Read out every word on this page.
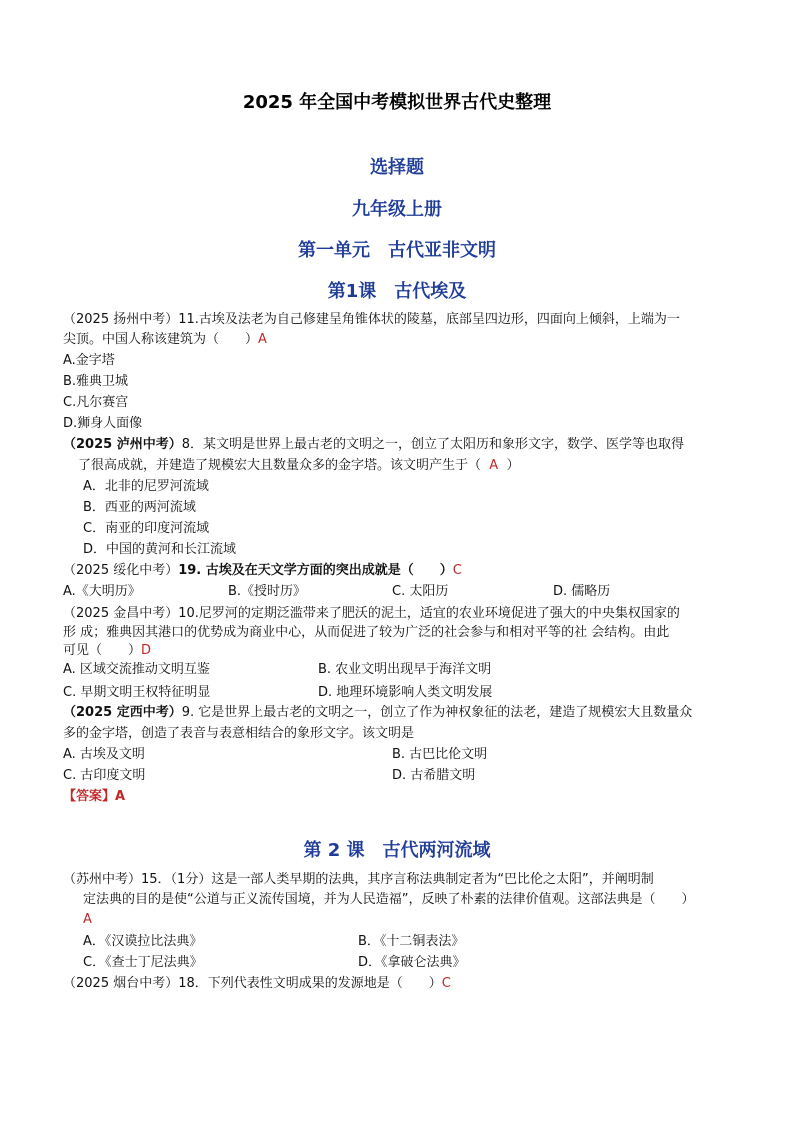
2025 年全国中考模拟世界古代史整理
选择题
九年级上册
第一单元　古代亚非文明
第1课　古代埃及
（2025 扬州中考）11.古埃及法老为自己修建呈角锥体状的陵墓，底部呈四边形，四面向上倾斜，上端为一
尖顶。中国人称该建筑为（　　）A
A.金字塔
B.雅典卫城
C.凡尔赛宫
D.狮身人面像
（2025 泸州中考）8．某文明是世界上最古老的文明之一，创立了太阳历和象形文字，数学、医学等也取得
了很高成就，并建造了规模宏大且数量众多的金字塔。该文明产生于（ A ）
A．北非的尼罗河流域
B．西亚的两河流域
C．南亚的印度河流域
D．中国的黄河和长江流域
（2025 绥化中考）19. 古埃及在天文学方面的突出成就是（　　）C
A.《大明历》	B.《授时历》	C. 太阳历	D. 儒略历
（2025 金昌中考）10.尼罗河的定期泛滥带来了肥沃的泥土，适宜的农业环境促进了强大的中央集权国家的
形 成；雅典因其港口的优势成为商业中心，从而促进了较为广泛的社会参与和相对平等的社 会结构。由此
可见（　　）D
A. 区域交流推动文明互鉴	B. 农业文明出现早于海洋文明
C. 早期文明王权特征明显	D. 地理环境影响人类文明发展
（2025 定西中考）9. 它是世界上最古老的文明之一，创立了作为神权象征的法老，建造了规模宏大且数量众
多的金字塔，创造了表音与表意相结合的象形文字。该文明是
A. 古埃及文明	B. 古巴比伦文明
C. 古印度文明	D. 古希腊文明
【答案】A
第 2 课　古代两河流域
（苏州中考）15．（1分）这是一部人类早期的法典，其序言称法典制定者为“巴比伦之太阳”，并阐明制
定法典的目的是使“公道与正义流传国境，并为人民造福”，反映了朴素的法律价值观。这部法典是（　　）
A
A．《汉谟拉比法典》	B．《十二铜表法》
C．《查士丁尼法典》	D．《拿破仑法典》
（2025 烟台中考）18．下列代表性文明成果的发源地是（　　）C
